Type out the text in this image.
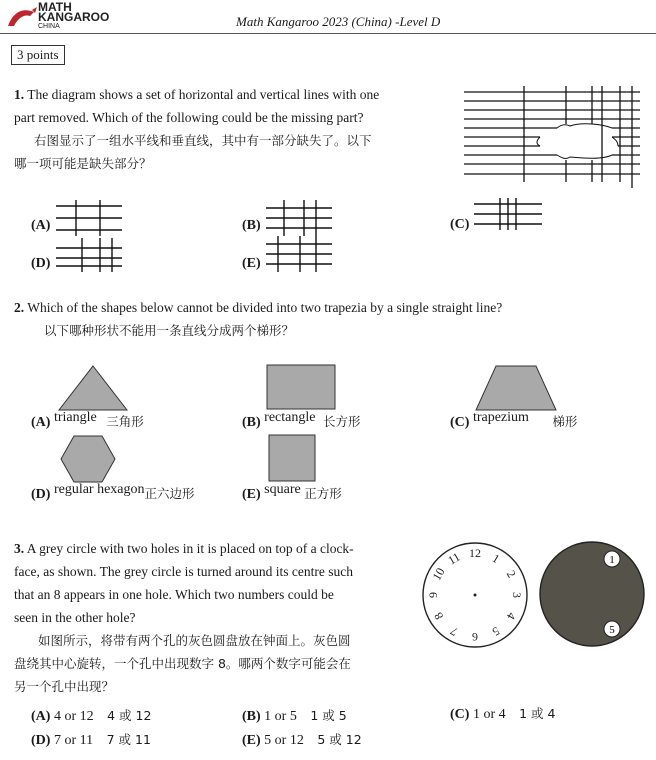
MATH
KANGAROO
CHINA	Math Kangaroo 2023 (China) -Level D
3 points
1. The diagram shows a set of horizontal and vertical lines with one
part removed. Which of the following could be the missing part?
右图显示了一组水平线和垂直线，其中有一部分缺失了。以下
哪一项可能是缺失部分？
(A)	(B)	(C)
(D)	(E)
2. Which of the shapes below cannot be divided into two trapezia by a single straight line?
以下哪种形状不能用一条直线分成两个梯形？
(A) triangle 三角形	(B) rectangle 长方形	(C) trapezium 梯形
(D) regular hexagon正六边形	(E) square 正方形
3. A grey circle with two holes in it is placed on top of a clock-
face, as shown. The grey circle is turned around its centre such
that an 8 appears in one hole. Which two numbers could be
seen in the other hole?
如图所示，将带有两个孔的灰色圆盘放在钟面上。灰色圆
盘绕其中心旋转，一个孔中出现数字 8。哪两个数字可能会在
另一个孔中出现？
12 1
2
3
4
5
6
7
8
9
10
11	1
5
(A) 4 or 12 4 或 12	(B) 1 or 5 1 或 5	(C) 1 or 4 1 或 4
(D) 7 or 11 7 或 11	(E) 5 or 12 5 或 12
